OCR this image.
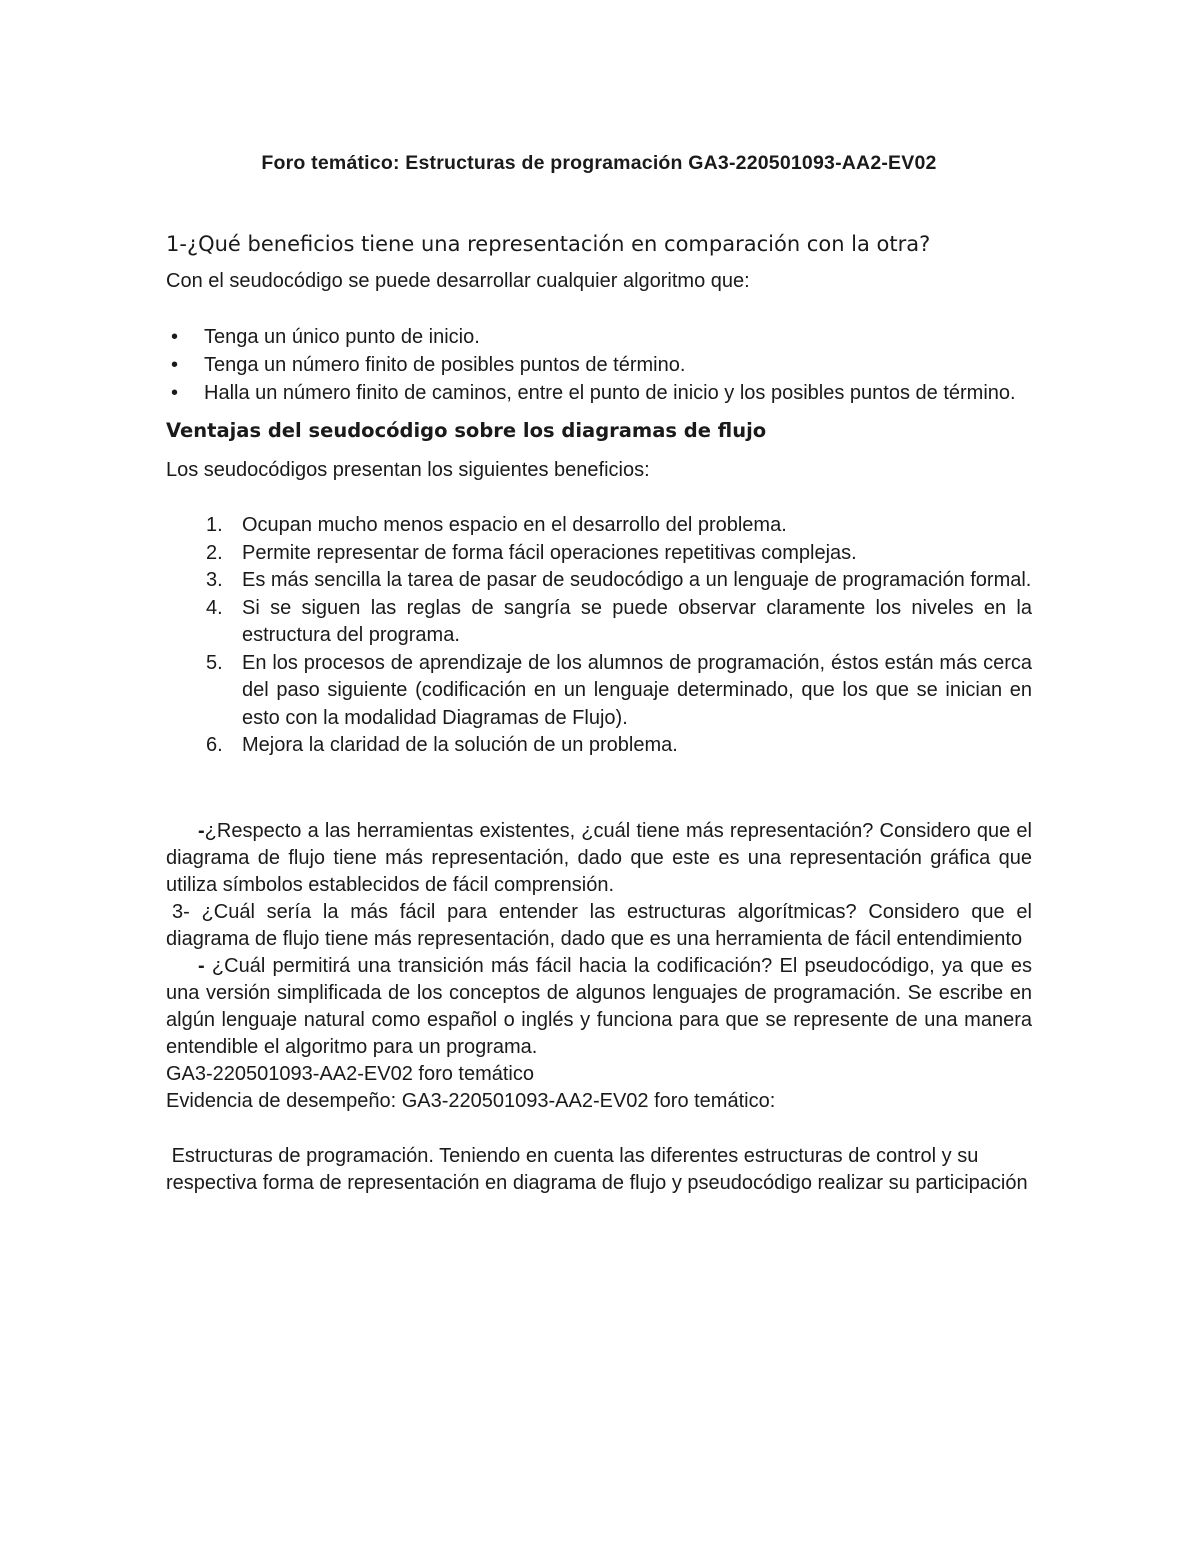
Foro temático: Estructuras de programación GA3-220501093-AA2-EV02
1-¿Qué beneficios tiene una representación en comparación con la otra?

Con el seudocódigo se puede desarrollar cualquier algoritmo que:

• Tenga un único punto de inicio.
• Tenga un número finito de posibles puntos de término.
• Halla un número finito de caminos, entre el punto de inicio y los posibles puntos de término.
Ventajas del seudocódigo sobre los diagramas de flujo

Los seudocódigos presentan los siguientes beneficios:

1. Ocupan mucho menos espacio en el desarrollo del problema.
2. Permite representar de forma fácil operaciones repetitivas complejas.
3. Es más sencilla la tarea de pasar de seudocódigo a un lenguaje de programación formal.
4. Si se siguen las reglas de sangría se puede observar claramente los niveles en la estructura del programa.
5. En los procesos de aprendizaje de los alumnos de programación, éstos están más cerca del paso siguiente (codificación en un lenguaje determinado, que los que se inician en esto con la modalidad Diagramas de Flujo).
6. Mejora la claridad de la solución de un problema.

-¿Respecto a las herramientas existentes, ¿cuál tiene más representación? Considero que el diagrama de flujo tiene más representación, dado que este es una representación gráfica que utiliza símbolos establecidos de fácil comprensión.

3- ¿Cuál sería la más fácil para entender las estructuras algorítmicas? Considero que el diagrama de flujo tiene más representación, dado que es una herramienta de fácil entendimiento

- ¿Cuál permitirá una transición más fácil hacia la codificación? El pseudocódigo, ya que es una versión simplificada de los conceptos de algunos lenguajes de programación. Se escribe en algún lenguaje natural como español o inglés y funciona para que se represente de una manera entendible el algoritmo para un programa.

GA3-220501093-AA2-EV02 foro temático

Evidencia de desempeño: GA3-220501093-AA2-EV02 foro temático:

Estructuras de programación. Teniendo en cuenta las diferentes estructuras de control y su

respectiva forma de representación en diagrama de flujo y pseudocódigo realizar su participación
